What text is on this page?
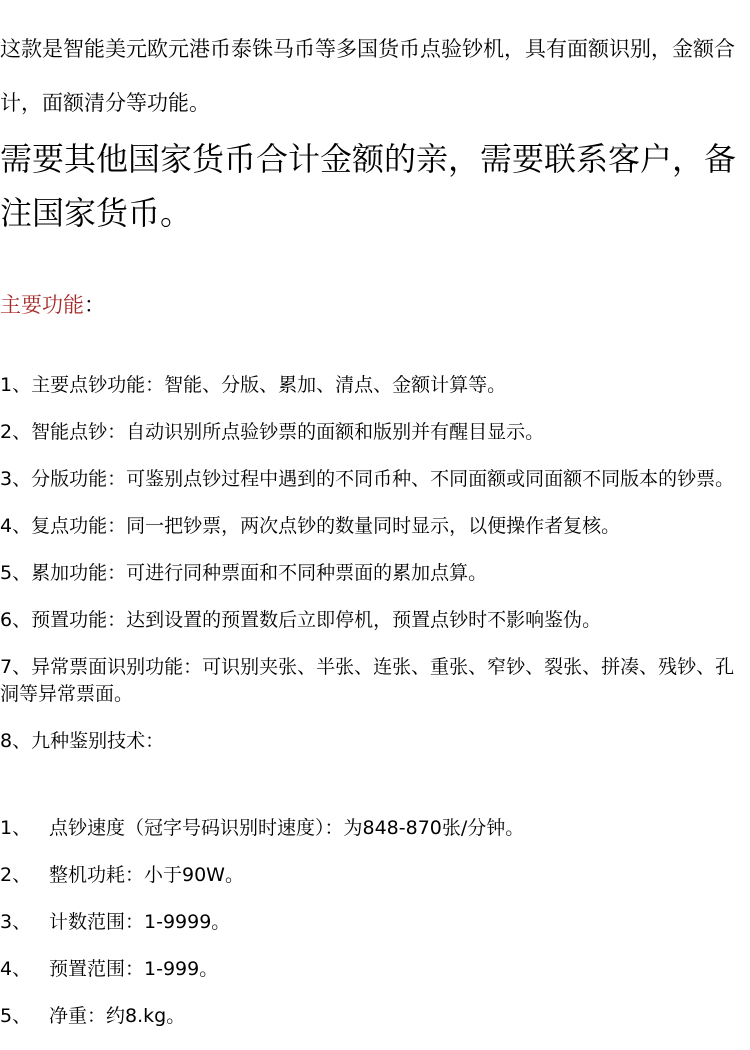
这款是智能美元欧元港币泰铢马币等多国货币点验钞机，具有面额识别，金额合计，面额清分等功能。
需要其他国家货币合计金额的亲，需要联系客户，备注国家货币。
主要功能：
1、主要点钞功能：智能、分版、累加、清点、金额计算等。
2、智能点钞：自动识别所点验钞票的面额和版别并有醒目显示。
3、分版功能：可鉴别点钞过程中遇到的不同币种、不同面额或同面额不同版本的钞票。
4、复点功能：同一把钞票，两次点钞的数量同时显示，以便操作者复核。
5、累加功能：可进行同种票面和不同种票面的累加点算。
6、预置功能：达到设置的预置数后立即停机，预置点钞时不影响鉴伪。
7、异常票面识别功能：可识别夹张、半张、连张、重张、窄钞、裂张、拼凑、残钞、孔洞等异常票面。
8、九种鉴别技术：
1、 点钞速度（冠字号码识别时速度）：为848-870张/分钟。
2、 整机功耗：小于90W。
3、 计数范围：1-9999。
4、 预置范围：1-999。
5、 净重：约8.kg。
